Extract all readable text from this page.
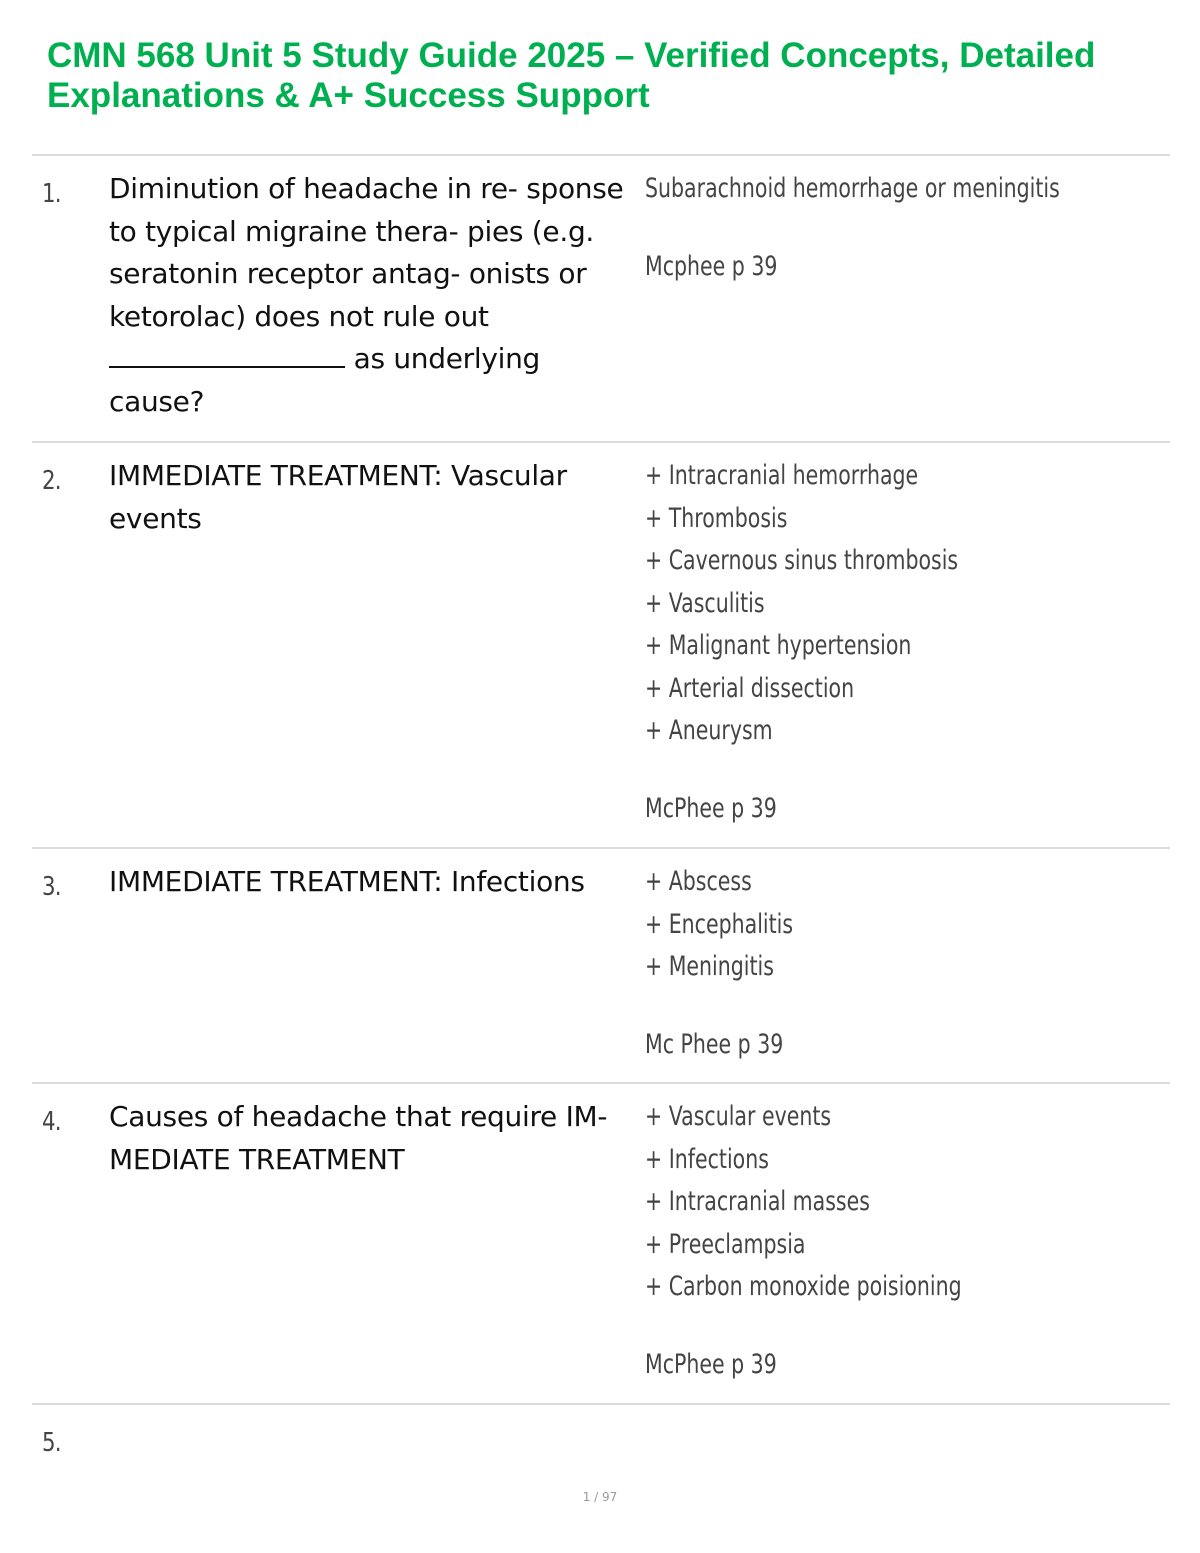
CMN 568 Unit 5 Study Guide 2025 – Verified Concepts, Detailed Explanations & A+ Success Support
1. Diminution of headache in re- sponse to typical migraine thera- pies (e.g. seratonin receptor antag- onists or ketorolac) does not rule out  as underlying cause?
Subarachnoid hemorrhage or meningitis
Mcphee p 39
2. IMMEDIATE TREATMENT: Vascular events
+ Intracranial hemorrhage
+ Thrombosis
+ Cavernous sinus thrombosis
+ Vasculitis
+ Malignant hypertension
+ Arterial dissection
+ Aneurysm
McPhee p 39
3. IMMEDIATE TREATMENT: Infections	+ Abscess
+ Encephalitis
+ Meningitis
Mc Phee p 39
4. Causes of headache that require IM- MEDIATE TREATMENT
+ Vascular events
+ Infections
+ Intracranial masses
+ Preeclampsia
+ Carbon monoxide poisioning
McPhee p 39
5.
1 / 97
